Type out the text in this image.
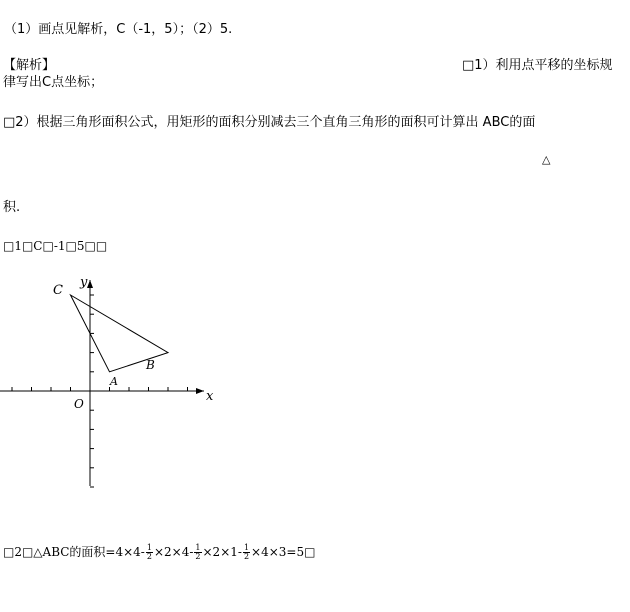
（1）画点见解析，C（-1，5）；（2）5.
【解析】	□1）利用点平移的坐标规
律写出C点坐标；
□2）根据三角形面积公式，用矩形的面积分别减去三个直角三角形的面积可计算出 ABC的面
△
积.
□1□C□-1□5□□
x
y
O
A
B
C
□2□△ABC的面积$=4\times 4- \frac{1}{2} \times 2\times 4- \frac{1}{2} \times 2\times 1- \frac{1}{2}$ ×4×3=5□
